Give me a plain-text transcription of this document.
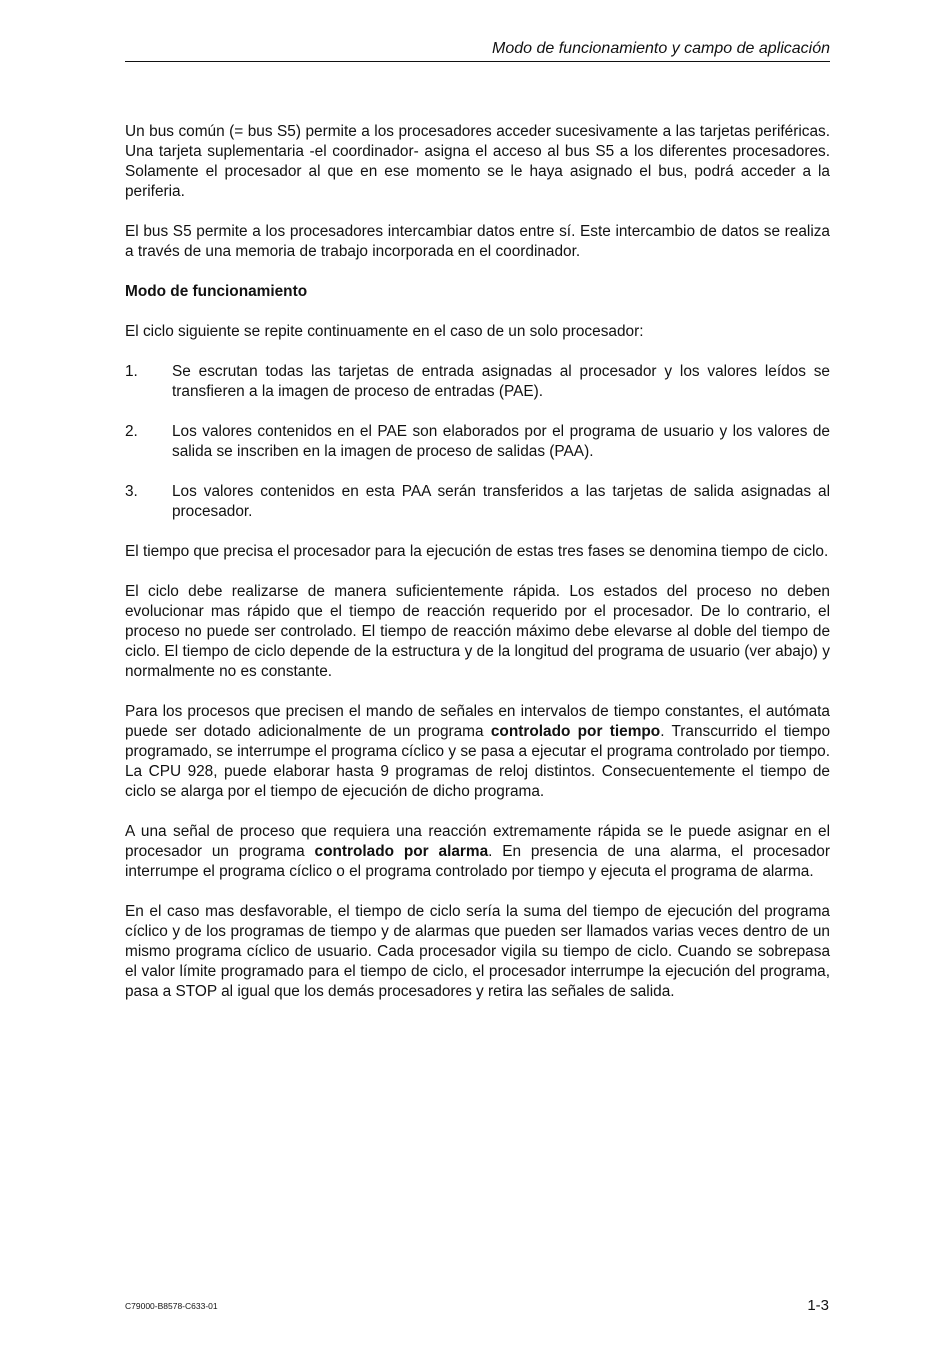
Modo de funcionamiento y campo de aplicación

Un bus común (= bus S5) permite a los procesadores acceder sucesivamente a las tarjetas periféricas. Una tarjeta suplementaria -el coordinador- asigna el acceso al bus S5 a los diferentes procesadores. Solamente el procesador al que en ese momento se le haya asignado el bus, podrá acceder a la periferia.

El bus S5 permite a los procesadores intercambiar datos entre sí. Este intercambio de datos se realiza a través de una memoria de trabajo incorporada en el coordinador.

Modo de funcionamiento

El ciclo siguiente se repite continuamente en el caso de un solo procesador:

1.	Se escrutan todas las tarjetas de entrada asignadas al procesador y los valores leídos se transfieren a la imagen de proceso de entradas (PAE).
2.	Los valores contenidos en el PAE son elaborados por el programa de usuario y los valores de salida se inscriben en la imagen de proceso de salidas (PAA).
3.	Los valores contenidos en esta PAA serán transferidos a las tarjetas de salida asignadas al procesador.

El tiempo que precisa el procesador para la ejecución de estas tres fases se denomina tiempo de ciclo.

El ciclo debe realizarse de manera suficientemente rápida. Los estados del proceso no deben evolucionar mas rápido que el tiempo de reacción requerido por el procesador. De lo contrario, el proceso no puede ser controlado. El tiempo de reacción máximo debe elevarse al doble del tiempo de ciclo. El tiempo de ciclo depende de la estructura y de la longitud del programa de usuario (ver abajo) y normalmente no es constante.

Para los procesos que precisen el mando de señales en intervalos de tiempo constantes, el autómata puede ser dotado adicionalmente de un programa controlado por tiempo. Transcurrido el tiempo programado, se interrumpe el programa cíclico y se pasa a ejecutar el programa controlado por tiempo. La CPU 928, puede elaborar hasta 9 programas de reloj distintos. Consecuentemente el tiempo de ciclo se alarga por el tiempo de ejecución de dicho programa.

A una señal de proceso que requiera una reacción extremamente rápida se le puede asignar en el procesador un programa controlado por alarma. En presencia de una alarma, el procesador interrumpe el programa cíclico o el programa controlado por tiempo y ejecuta el programa de alarma.

En el caso mas desfavorable, el tiempo de ciclo sería la suma del tiempo de ejecución del programa cíclico y de los programas de tiempo y de alarmas que pueden ser llamados varias veces dentro de un mismo programa cíclico de usuario. Cada procesador vigila su tiempo de ciclo. Cuando se sobrepasa el valor límite programado para el tiempo de ciclo, el procesador interrumpe la ejecución del programa, pasa a STOP al igual que los demás procesadores y retira las señales de salida.

C79000-B8578-C633-01	1-3
